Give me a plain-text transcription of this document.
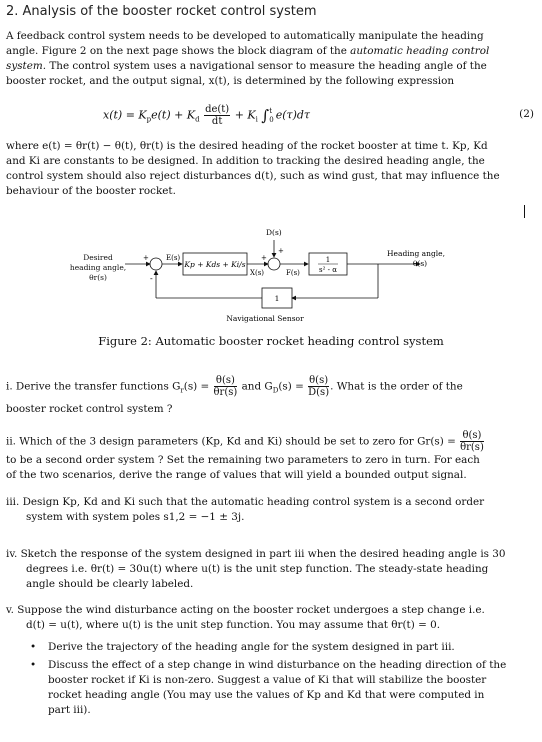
2. Analysis of the booster rocket control system
A feedback control system needs to be developed to automatically manipulate the heading
angle. Figure 2 on the next page shows the block diagram of the automatic heading control
system. The control system uses a navigational sensor to measure the heading angle of the
booster rocket, and the output signal, x(t), is determined by the following expression
$x(t) = K_pe(t) + K_d \frac{de(t)}{dt} + K_i$ ∫ t
0 e(τ)dτ	(2)
where e(t) = θr(t) − θ(t), θr(t) is the desired heading of the rocket booster at time t. Kp, Kd
and Ki are constants to be designed. In addition to tracking the desired heading angle, the
control system should also reject disturbances d(t), such as wind gust, that may influence the
behaviour of the booster rocket.
Desired
heading angle,
θr(s)
+
-
E(s)
Kp + Kds + Ki/s
X(s)
+
D(s)
+
F(s)
1
s² - α
Heading angle,
θ(s)
1
Navigational Sensor
Figure 2: Automatic booster rocket heading control system
i. Derive the transfer functions $G_r(s) = \frac{\theta(s)}{\theta r(s)}$ and $G_D(s) = \frac{\theta(s)}{D(s)}$ . What is the order of the
booster rocket control system ?
ii. Which of the 3 design parameters (Kp, Kd and Ki) should be set to zero for $Gr(s) = \frac{\theta(s)}{\theta r(s)}$
to be a second order system ? Set the remaining two parameters to zero in turn. For each
of the two scenarios, derive the range of values that will yield a bounded output signal.
iii. Design Kp, Kd and Ki such that the automatic heading control system is a second order
system with system poles s1,2 = −1 ± 3j.
iv. Sketch the response of the system designed in part iii when the desired heading angle is 30
degrees i.e. θr(t) = 30u(t) where u(t) is the unit step function. The steady-state heading
angle should be clearly labeled.
v. Suppose the wind disturbance acting on the booster rocket undergoes a step change i.e.
d(t) = u(t), where u(t) is the unit step function. You may assume that θr(t) = 0.
• Derive the trajectory of the heading angle for the system designed in part iii.
• Discuss the effect of a step change in wind disturbance on the heading direction of the
booster rocket if Ki is non-zero. Suggest a value of Ki that will stabilize the booster
rocket heading angle (You may use the values of Kp and Kd that were computed in
part iii).
